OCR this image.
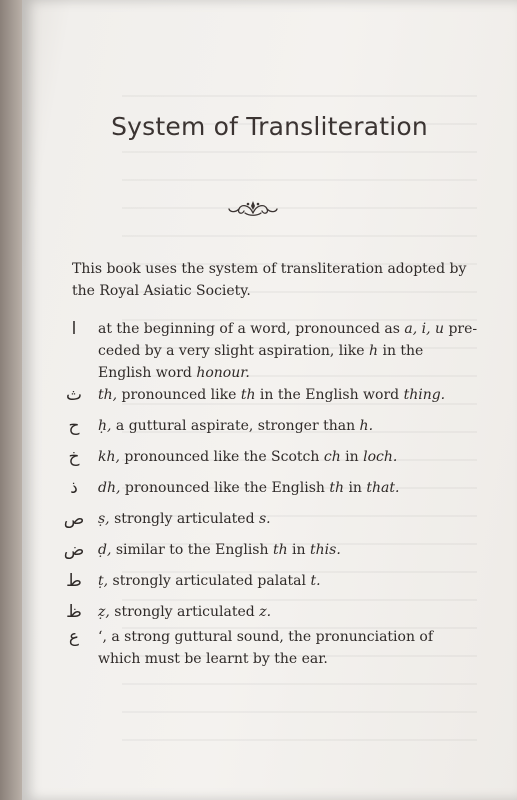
System of Transliteration
This book uses the system of transliteration adopted by the Royal Asiatic Society.
ا	at the beginning of a word, pronounced as a, i, u pre-ceded by a very slight aspiration, like h in the English word honour.
ث th, pronounced like th in the English word thing.
ح	ḥ, a guttural aspirate, stronger than h.
خ	kh, pronounced like the Scotch ch in loch.
ذ	dh, pronounced like the English th in that.
ص ṣ, strongly articulated s.
ض ḍ, similar to the English th in this.
ط ṭ, strongly articulated palatal t.
ظ ẓ, strongly articulated z.
ع	‘, a strong guttural sound, the pronunciation of which must be learnt by the ear.
